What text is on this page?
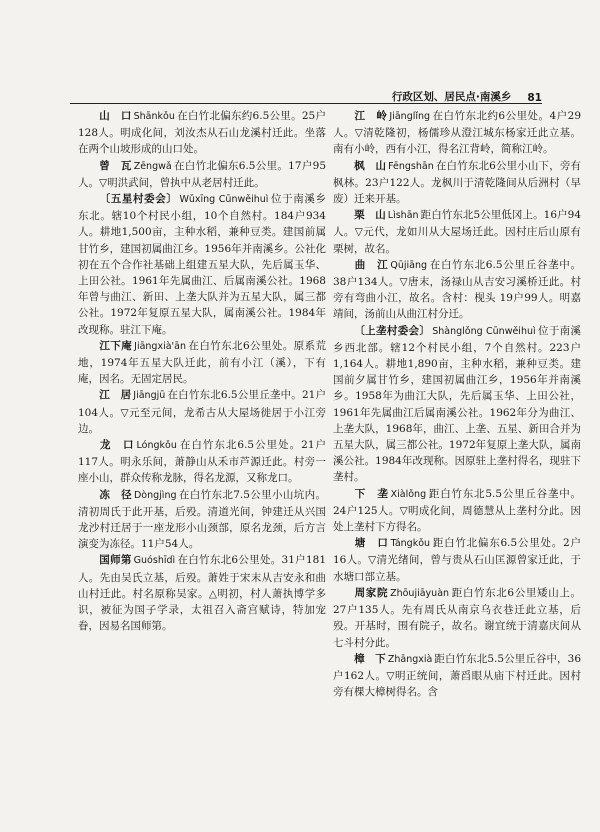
行政区划、居民点·南溪乡 81

山　口 Shānkǒu 在白竹北偏东约6.5公里。25户128人。明成化间，刘汝杰从石山龙溪村迁此。坐落在两个山坡形成的山口处。

曾　瓦 Zēngwǎ 在白竹北偏东6.5公里。17户95人。▽明洪武间，曾执中从老居村迁此。

〔五星村委会〕 Wǔxīng Cūnwěihuì 位于南溪乡东北。辖10个村民小组，10个自然村。184户934人。耕地1,500亩，主种水稻，兼种豆类。建国前属甘竹乡，建国初属曲江乡。1956年并南溪乡。公社化初在五个合作社基础上组建五星大队，先后属玉华、上田公社。1961年先属曲江、后属南溪公社。1968年曾与曲江、新田、上垄大队并为五星大队，属三都公社。1972年复原五星大队，属南溪公社。1984年改现称。驻江下庵。

江下庵 Jiāngxià'ān 在白竹东北6公里处。原系荒地，1974年五星大队迁此，前有小江（溪），下有庵，因名。无固定居民。

江　居 Jiāngjū 在白竹东北6.5公里丘垄中。21户104人。▽元至元间，龙希古从大屋场徙居于小江旁边。

龙　口 Lóngkǒu 在白竹东北6.5公里处。21户117人。明永乐间，萧静山从禾市芦源迁此。村旁一座小山，群众传称龙脉，得名龙源，又称龙口。

冻　径 Dòngjìng 在白竹东北7.5公里小山坑内。清初周氏于此开基，后殁。清道光间，钟建迁从兴国龙沙村迁居于一座龙形小山颈部，原名龙颈，后方言演变为冻径。11户54人。

国师第 Guóshīdì 在白竹东北6公里处。31户181人。先由吴氏立基，后殁。萧姓于宋末从吉安永和曲山村迁此。村名原称吴家。△明初，村人萧执博学多识，被征为国子学录，太祖召入斋宫赋诗，特加宠眷，因易名国师第。

江　岭 Jiānglǐng 在白竹东北约6公里处。4户29人。▽清乾隆初，杨儒珍从澄江城东杨家迁此立基。南有小岭，西有小江，得名江背岭，简称江岭。

枫　山 Fēngshān 在白竹东北6公里小山下，旁有枫林。23户122人。龙枫川于清乾隆间从后洲村（早废）迁来开基。

栗　山 Lìshān 距白竹东北5公里低冈上。16户94人。▽元代，龙如川从大屋场迁此。因村庄后山原有栗树，故名。

曲　江 Qūjiāng 在白竹东北6.5公里丘谷垄中。38户134人。▽唐末，汤禄山从吉安习溪桥迁此。村旁有弯曲小江，故名。含村：枧头 19户99人。明嘉靖间，汤前山从曲江村分迁。

〔上垄村委会〕 Shànglǒng Cūnwěihuì 位于南溪乡西北部。辖12个村民小组，7个自然村。223户1,164人。耕地1,890亩，主种水稻，兼种豆类。建国前夕属甘竹乡，建国初属曲江乡，1956年并南溪乡。1958年为曲江大队，先后属玉华、上田公社，1961年先属曲江后属南溪公社。1962年分为曲江、上垄大队，1968年，曲江、上垄、五星、新田合并为五星大队，属三都公社。1972年复原上垄大队，属南溪公社。1984年改现称。因原驻上垄村得名，现驻下垄村。

下　垄 Xiàlǒng 距白竹东北5.5公里丘谷垄中。24户125人。▽明成化间，周德慧从上垄村分此。因处上垄村下方得名。

塘　口 Tángkǒu 距白竹北偏东6.5公里处。2户16人。▽清光绪间，曾与贵从石山匡源曾家迁此，于水塘口部立基。

周家院 Zhōujiāyuàn 距白竹东北6公里矮山上。27户135人。先有周氏从南京乌衣巷迁此立基，后殁。开基时，围有院子，故名。谢宜统于清嘉庆间从七斗村分此。

樟　下 Zhāngxià 距白竹东北5.5公里丘谷中，36户162人。▽明正统间，萧舀眼从庙下村迁此。因村旁有棵大樟树得名。含
